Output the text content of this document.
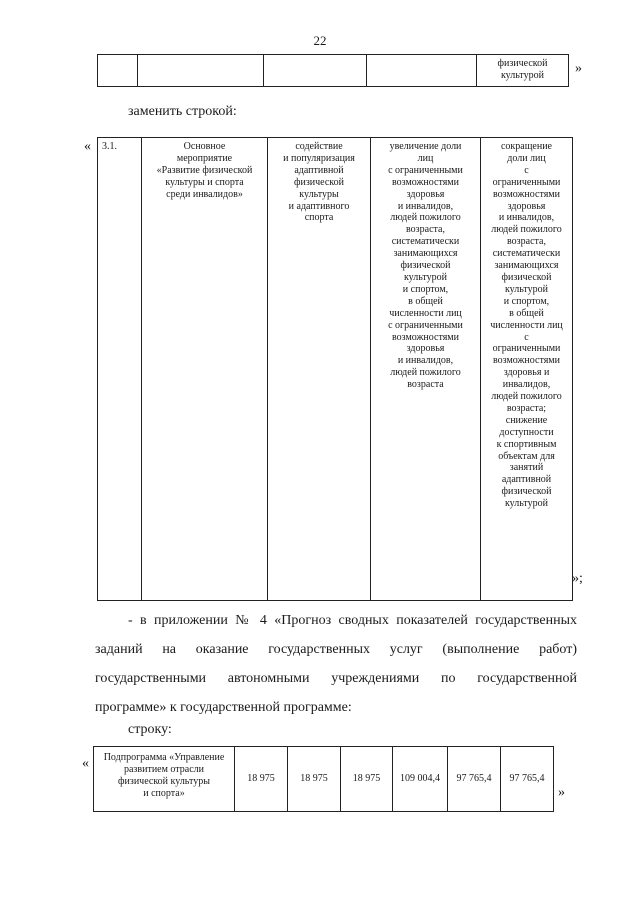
22

физической
культурой	»
заменить строкой:
« 3.1.	Основное
мероприятие
«Развитие физической
культуры и спорта
среди инвалидов»

содействие
и популяризация
адаптивной
физической
культуры
и адаптивного
спорта

увеличение доли
лиц
с ограниченными
возможностями
здоровья
и инвалидов,
людей пожилого
возраста,
систематически
занимающихся
физической
культурой
и спортом,
в общей
численности лиц
с ограниченными
возможностями
здоровья
и инвалидов,
людей пожилого
возраста

сокращение
доли лиц
с
ограниченными
возможностями
здоровья
и инвалидов,
людей пожилого
возраста,
систематически
занимающихся
физической
культурой
и спортом,
в общей
численности лиц
с
ограниченными
возможностями
здоровья и
инвалидов,
людей пожилого
возраста;
снижение
доступности
к спортивным
объектам для
занятий
адаптивной
физической
культурой
»;
- в приложении № 4 «Прогноз сводных показателей государственных
заданий на оказание государственных услуг (выполнение работ)
государственными автономными учреждениями по государственной
программе» к государственной программе:
строку:
«	Подпрограмма «Управление
развитием отрасли
физической культуры
и спорта»
	18 975	18 975	18 975	109 004,4	97 765,4	97 765,4
»
